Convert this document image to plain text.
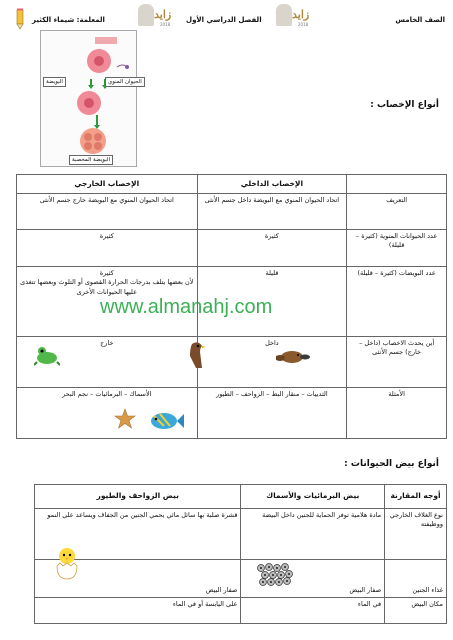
الصف الخامس
الفصل الدراسي الأول
المعلمة: شيماء الكثير	زايد
2018
زايد
2018
الحيوان المنوي
البويضة
البويضة المخصبة
أنواع الإخصاب :
	الإخصاب الداخلي	الإخصاب الخارجي
التعريف	اتحاد الحيوان المنوي مع البويضة داخل جسم الأنثى	اتحاد الحيوان المنوي مع البويضة خارج جسم الأنثى
عدد الحيوانات المنوية (كثيرة – قليلة)	كثيرة	كثيرة
عدد البويضات (كثيرة – قليلة)	قليلة	كثيرة
لأن بعضها يتلف بدرجات الحرارة القصوى أو التلوث وبعضها تتغذى عليها الحيوانات الأخرى

أين يحدث الاخصاب (داخل – خارج) جسم الأنثى	داخل	خارج
الأمثلة	الثدييات – منقار البط – الزواحف – الطيور	الأسماك – البرمائيات – نجم البحر
www.almanahj.com
أنواع بيض الحيوانات :
أوجه المقارنة	بيض البرمائيات والأسماك	بيض الزواحف والطيور
نوع الغلاف الخارجي ووظيفته	مادة هلامية توفر الحماية للجنين داخل البيضة	قشرة صلبة بها سائل مائي يحمي الجنين من الجفاف ويساعد على النمو
غذاء الجنين	صفار البيض	صفار البيض
مكان البيض	في الماء	على اليابسة أو في الماء
